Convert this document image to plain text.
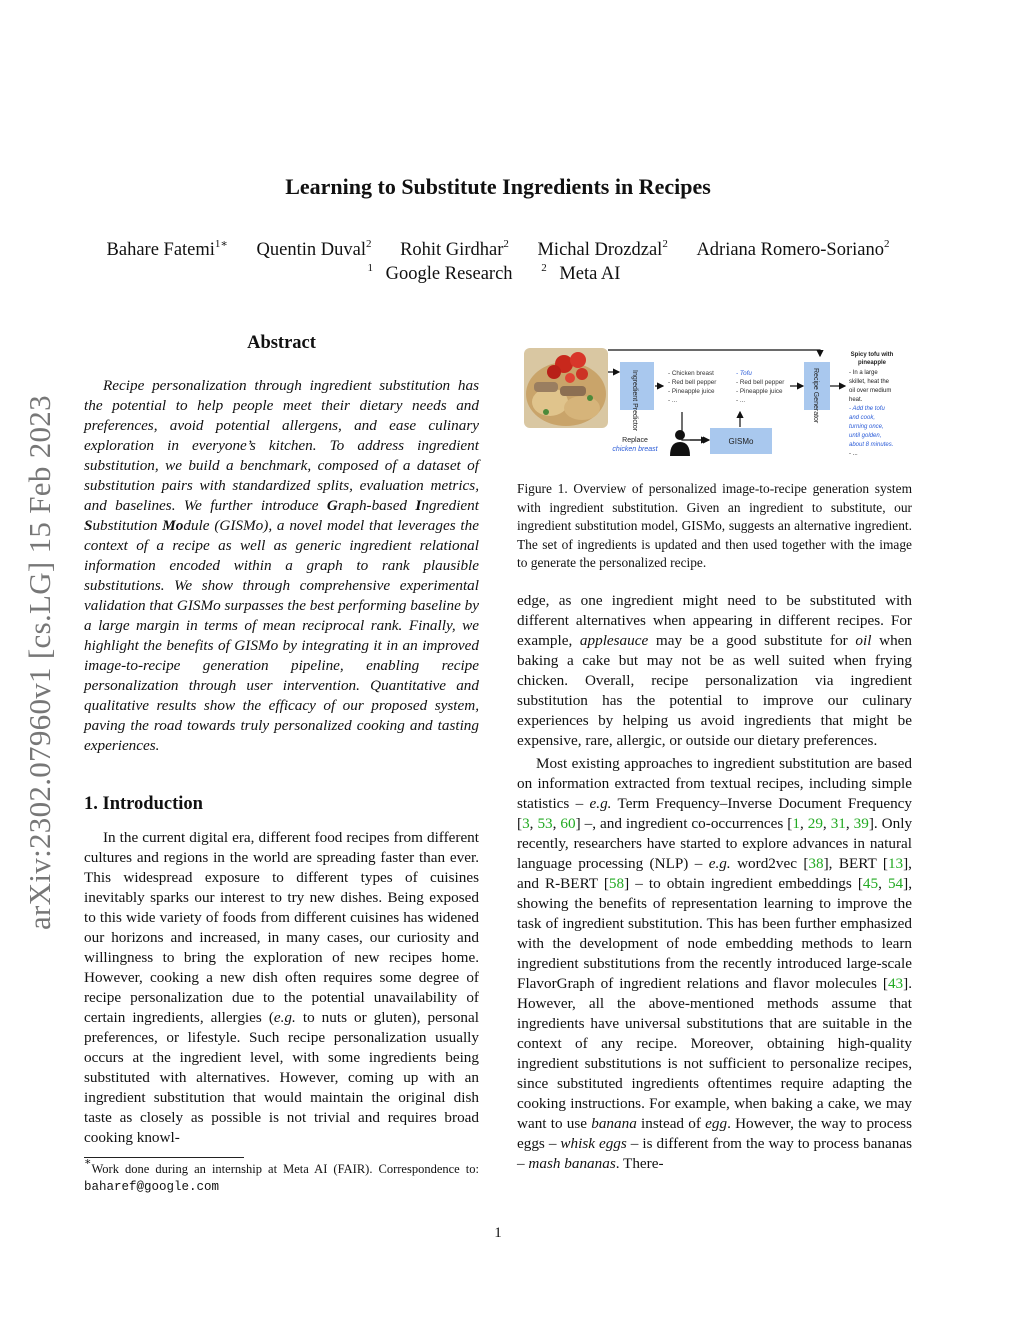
arXiv:2302.07960v1 [cs.LG] 15 Feb 2023
Learning to Substitute Ingredients in Recipes
Bahare Fatemi$^{1∗}$ Quentin Duval$^2$ Rohit Girdhar$^2$ Michal Drozdzal$^2$ Adriana Romero-Soriano$^2$
$^1$ Google Research	$^2$ Meta AI
Abstract

Recipe personalization through ingredient substitution has the potential to help people meet their dietary needs and preferences, avoid potential allergens, and ease culinary exploration in everyone’s kitchen. To address ingredient substitution, we build a benchmark, composed of a dataset of substitution pairs with standardized splits, evaluation metrics, and baselines. We further introduce Graph-based Ingredient Substitution Module (GISMo), a novel model that leverages the context of a recipe as well as generic ingredient relational information encoded within a graph to rank plausible substitutions. We show through comprehensive experimental validation that GISMo surpasses the best performing baseline by a large margin in terms of mean reciprocal rank. Finally, we highlight the benefits of GISMo by integrating it in an improved image-to-recipe generation pipeline, enabling recipe personalization through user intervention. Quantitative and qualitative results show the efficacy of our proposed system, paving the road towards truly personalized cooking and tasting experiences.

1. Introduction

In the current digital era, different food recipes from different cultures and regions in the world are spreading faster than ever. This widespread exposure to different types of cuisines inevitably sparks our interest to try new dishes. Being exposed to this wide variety of foods from different cuisines has widened our horizons and increased, in many cases, our curiosity and willingness to bring the exploration of new recipes home. However, cooking a new dish often requires some degree of recipe personalization due to the potential unavailability of certain ingredients, allergies (e.g. to nuts or gluten), personal preferences, or lifestyle. Such recipe personalization usually occurs at the ingredient level, with some ingredients being substituted with alternatives. However, coming up with an ingredient substitution that would maintain the original dish taste as closely as possible is not trivial and requires broad cooking knowl-

∗Work done during an internship at Meta AI (FAIR). Correspondence to: baharef@google.com
Ingredient Predictor	Recipe Generator
GISMo
Replace
chicken breast
- Chicken breast
- Red bell pepper
- Pineapple juice
- ...
- Tofu
- Red bell pepper
- Pineapple juice
- ...
Spicy tofu with
pineapple
- In a large
skillet, heat the
oil over medium
heat.
- Add the tofu
and cook,
turning once,
until golden,
about 8 minutes.
- ...
Figure 1. Overview of personalized image-to-recipe generation system with ingredient substitution. Given an ingredient to substitute, our ingredient substitution model, GISMo, suggests an alternative ingredient. The set of ingredients is updated and then used together with the image to generate the personalized recipe.

edge, as one ingredient might need to be substituted with different alternatives when appearing in different recipes. For example, applesauce may be a good substitute for oil when baking a cake but may not be as well suited when frying chicken. Overall, recipe personalization via ingredient substitution has the potential to improve our culinary experiences by helping us avoid ingredients that might be expensive, rare, allergic, or outside our dietary preferences.

Most existing approaches to ingredient substitution are based on information extracted from textual recipes, including simple statistics – e.g. Term Frequency–Inverse Document Frequency [3, 53, 60] –, and ingredient co-occurrences [1, 29, 31, 39]. Only recently, researchers have started to explore advances in natural language processing (NLP) – e.g. word2vec [38], BERT [13], and R-BERT [58] – to obtain ingredient embeddings [45, 54], showing the benefits of representation learning to improve the task of ingredient substitution. This has been further emphasized with the development of node embedding methods to learn ingredient substitutions from the recently introduced large-scale FlavorGraph of ingredient relations and flavor molecules [43]. However, all the above-mentioned methods assume that ingredients have universal substitutions that are suitable in the context of any recipe. Moreover, obtaining high-quality ingredient substitutions is not sufficient to personalize recipes, since substituted ingredients oftentimes require adapting the cooking instructions. For example, when baking a cake, we may want to use banana instead of egg. However, the way to process eggs – whisk eggs – is different from the way to process bananas – mash bananas. There-

1
